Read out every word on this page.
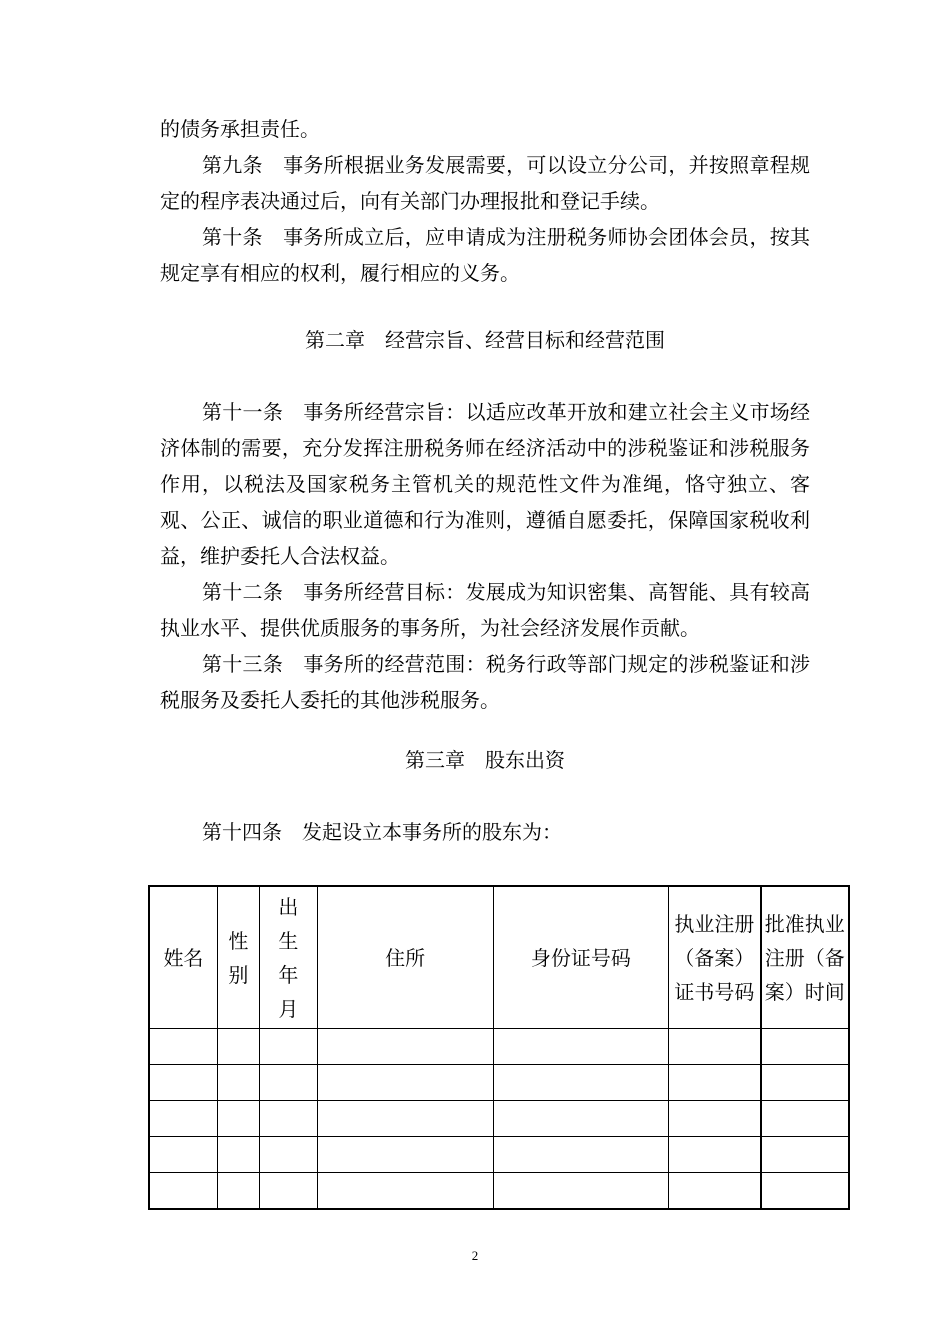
的债务承担责任。

第九条　事务所根据业务发展需要，可以设立分公司，并按照章程规定的程序表决通过后，向有关部门办理报批和登记手续。

第十条　事务所成立后，应申请成为注册税务师协会团体会员，按其规定享有相应的权利，履行相应的义务。

第二章　经营宗旨、经营目标和经营范围

第十一条　事务所经营宗旨：以适应改革开放和建立社会主义市场经济体制的需要，充分发挥注册税务师在经济活动中的涉税鉴证和涉税服务作用，以税法及国家税务主管机关的规范性文件为准绳，恪守独立、客观、公正、诚信的职业道德和行为准则，遵循自愿委托，保障国家税收利益，维护委托人合法权益。

第十二条　事务所经营目标：发展成为知识密集、高智能、具有较高执业水平、提供优质服务的事务所，为社会经济发展作贡献。

第十三条　事务所的经营范围：税务行政等部门规定的涉税鉴证和涉税服务及委托人委托的其他涉税服务。

第三章　股东出资

第十四条　发起设立本事务所的股东为：

姓名	性别	出生年月	住所	身份证号码	执业注册（备案）证书号码	批准执业注册（备案）时间

2
